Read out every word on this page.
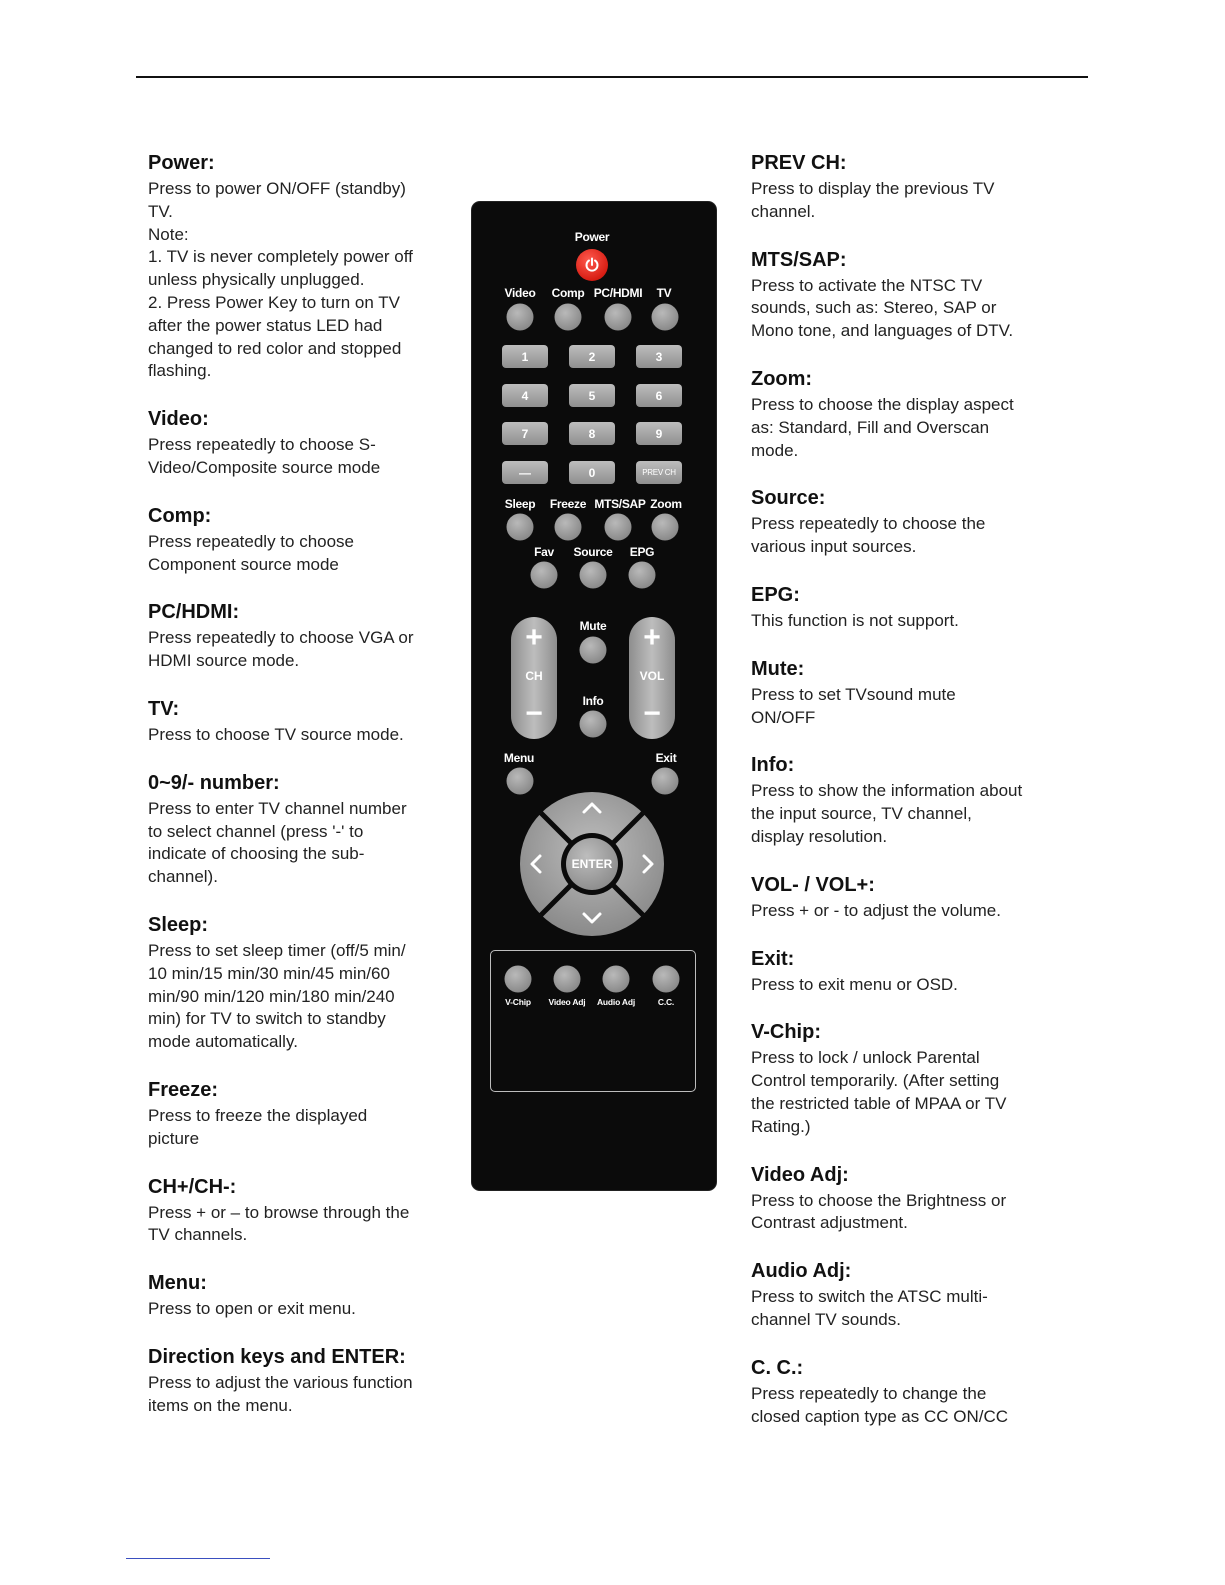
Power:
Press to power ON/OFF (standby)
TV.
Note:
1. TV is never completely power off
unless physically unplugged.
2. Press Power Key to turn on TV
after the power status LED had
changed to red color and stopped
flashing.
Video:
Press repeatedly to choose S-
Video/Composite source mode
Comp:
Press repeatedly to choose
Component source mode
PC/HDMI:
Press repeatedly to choose VGA or
HDMI source mode.
TV:
Press to choose TV source mode.
0~9/- number:
Press to enter TV channel number
to select channel (press '-' to
indicate of choosing the sub-
channel).
Sleep:
Press to set sleep timer (off/5 min/
10 min/15 min/30 min/45 min/60
min/90 min/120 min/180 min/240
min) for TV to switch to standby
mode automatically.
Freeze:
Press to freeze the displayed
picture
CH+/CH-:
Press + or – to browse through the
TV channels.
Menu:
Press to open or exit menu.
Direction keys and ENTER:
Press to adjust the various function
items on the menu.
PREV CH:
Press to display the previous TV
channel.
MTS/SAP:
Press to activate the NTSC TV
sounds, such as: Stereo, SAP or
Mono tone, and languages of DTV.
Zoom:
Press to choose the display aspect
as: Standard, Fill and Overscan
mode.
Source:
Press repeatedly to choose the
various input sources.
EPG:
This function is not support.
Mute:
Press to set TVsound mute
ON/OFF
Info:
Press to show the information about
the input source, TV channel,
display resolution.
VOL- / VOL+:
Press + or - to adjust the volume.
Exit:
Press to exit menu or OSD.
V-Chip:
Press to lock / unlock Parental
Control temporarily. (After setting
the restricted table of MPAA or TV
Rating.)
Video Adj:
Press to choose the Brightness or
Contrast adjustment.
Audio Adj:
Press to switch the ATSC multi-
channel TV sounds.
C. C.:
Press repeatedly to change the
closed caption type as CC ON/CC
Power
Video Comp PC/HDMI TV
1	2	3
4	5	6
7	8	9
—	0	PREV CH
Sleep Freeze MTS/SAP Zoom
Fav Source EPG
+
CH
−
+
VOL
−
Mute
Info
Menu	Exit
ENTER
V-Chip Video Adj Audio Adj	C.C.
